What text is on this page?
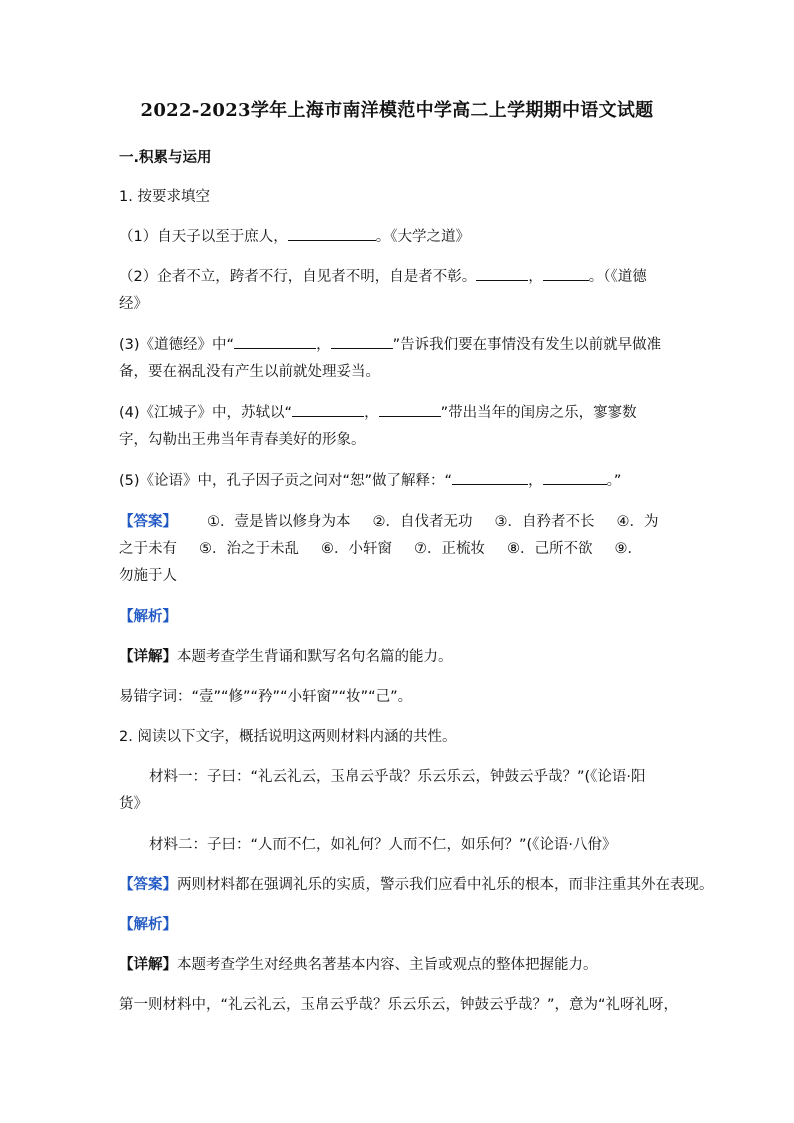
2022-2023学年上海市南洋模范中学高二上学期期中语文试题
一.积累与运用
1. 按要求填空
（1）自天子以至于庶人，	。《大学之道》
（2）企者不立，跨者不行，自见者不明，自是者不彰。	，	。（《道德
经》
(3)《道德经》中“	，	”告诉我们要在事情没有发生以前就早做准
备，要在祸乱没有产生以前就处理妥当。
(4)《江城子》中，苏轼以“	，	”带出当年的闺房之乐，寥寥数
字，勾勒出王弗当年青春美好的形象。
(5)《论语》中，孔子因子贡之问对“恕”做了解释：“	，	。”
【答案】 ①．壹是皆以修身为本 ②．自伐者无功 ③．自矜者不长 ④．为
之于未有 ⑤．治之于未乱 ⑥．小轩窗 ⑦．正梳妆 ⑧．己所不欲 ⑨．
勿施于人
【解析】
【详解】本题考查学生背诵和默写名句名篇的能力。
易错字词：“壹”“修”“矜”“小轩窗”“妆”“己”。
2. 阅读以下文字，概括说明这两则材料内涵的共性。
材料一：子曰：“礼云礼云，玉帛云乎哉？乐云乐云，钟鼓云乎哉？”(《论语·阳
货》
材料二：子曰：“人而不仁，如礼何？人而不仁，如乐何？”(《论语·八佾》
【答案】两则材料都在强调礼乐的实质，警示我们应看中礼乐的根本，而非注重其外在表现。
【解析】
【详解】本题考查学生对经典名著基本内容、主旨或观点的整体把握能力。
第一则材料中，“礼云礼云，玉帛云乎哉？乐云乐云，钟鼓云乎哉？”，意为“礼呀礼呀，
